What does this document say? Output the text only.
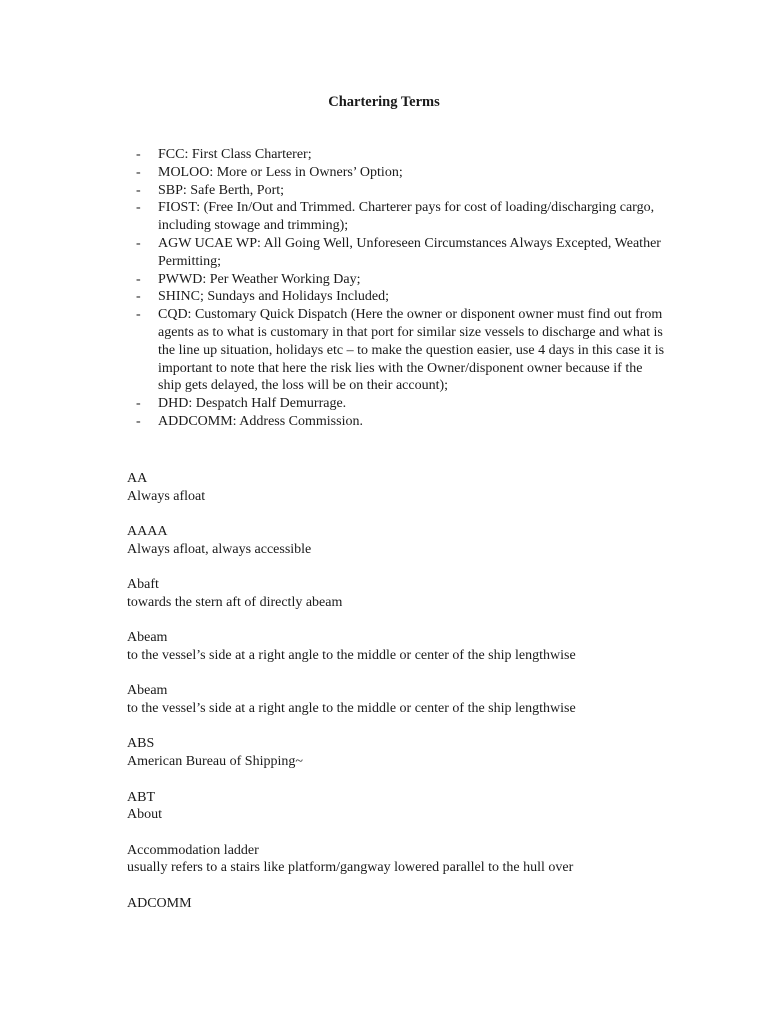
Chartering Terms
- FCC: First Class Charterer;
- MOLOO: More or Less in Owners’ Option;
- SBP: Safe Berth, Port;
- FIOST: (Free In/Out and Trimmed. Charterer pays for cost of loading/discharging cargo, including stowage and trimming);
- AGW UCAE WP: All Going Well, Unforeseen Circumstances Always Excepted, Weather Permitting;
- PWWD: Per Weather Working Day;
- SHINC; Sundays and Holidays Included;
- CQD: Customary Quick Dispatch (Here the owner or disponent owner must find out from agents as to what is customary in that port for similar size vessels to discharge and what is the line up situation, holidays etc – to make the question easier, use 4 days in this case it is important to note that here the risk lies with the Owner/disponent owner because if the ship gets delayed, the loss will be on their account);
- DHD: Despatch Half Demurrage.
- ADDCOMM: Address Commission.
AA
Always afloat
AAAA
Always afloat, always accessible
Abaft
towards the stern aft of directly abeam
Abeam
to the vessel’s side at a right angle to the middle or center of the ship lengthwise
Abeam
to the vessel’s side at a right angle to the middle or center of the ship lengthwise
ABS
American Bureau of Shipping~
ABT
About
Accommodation ladder
usually refers to a stairs like platform/gangway lowered parallel to the hull over
ADCOMM
